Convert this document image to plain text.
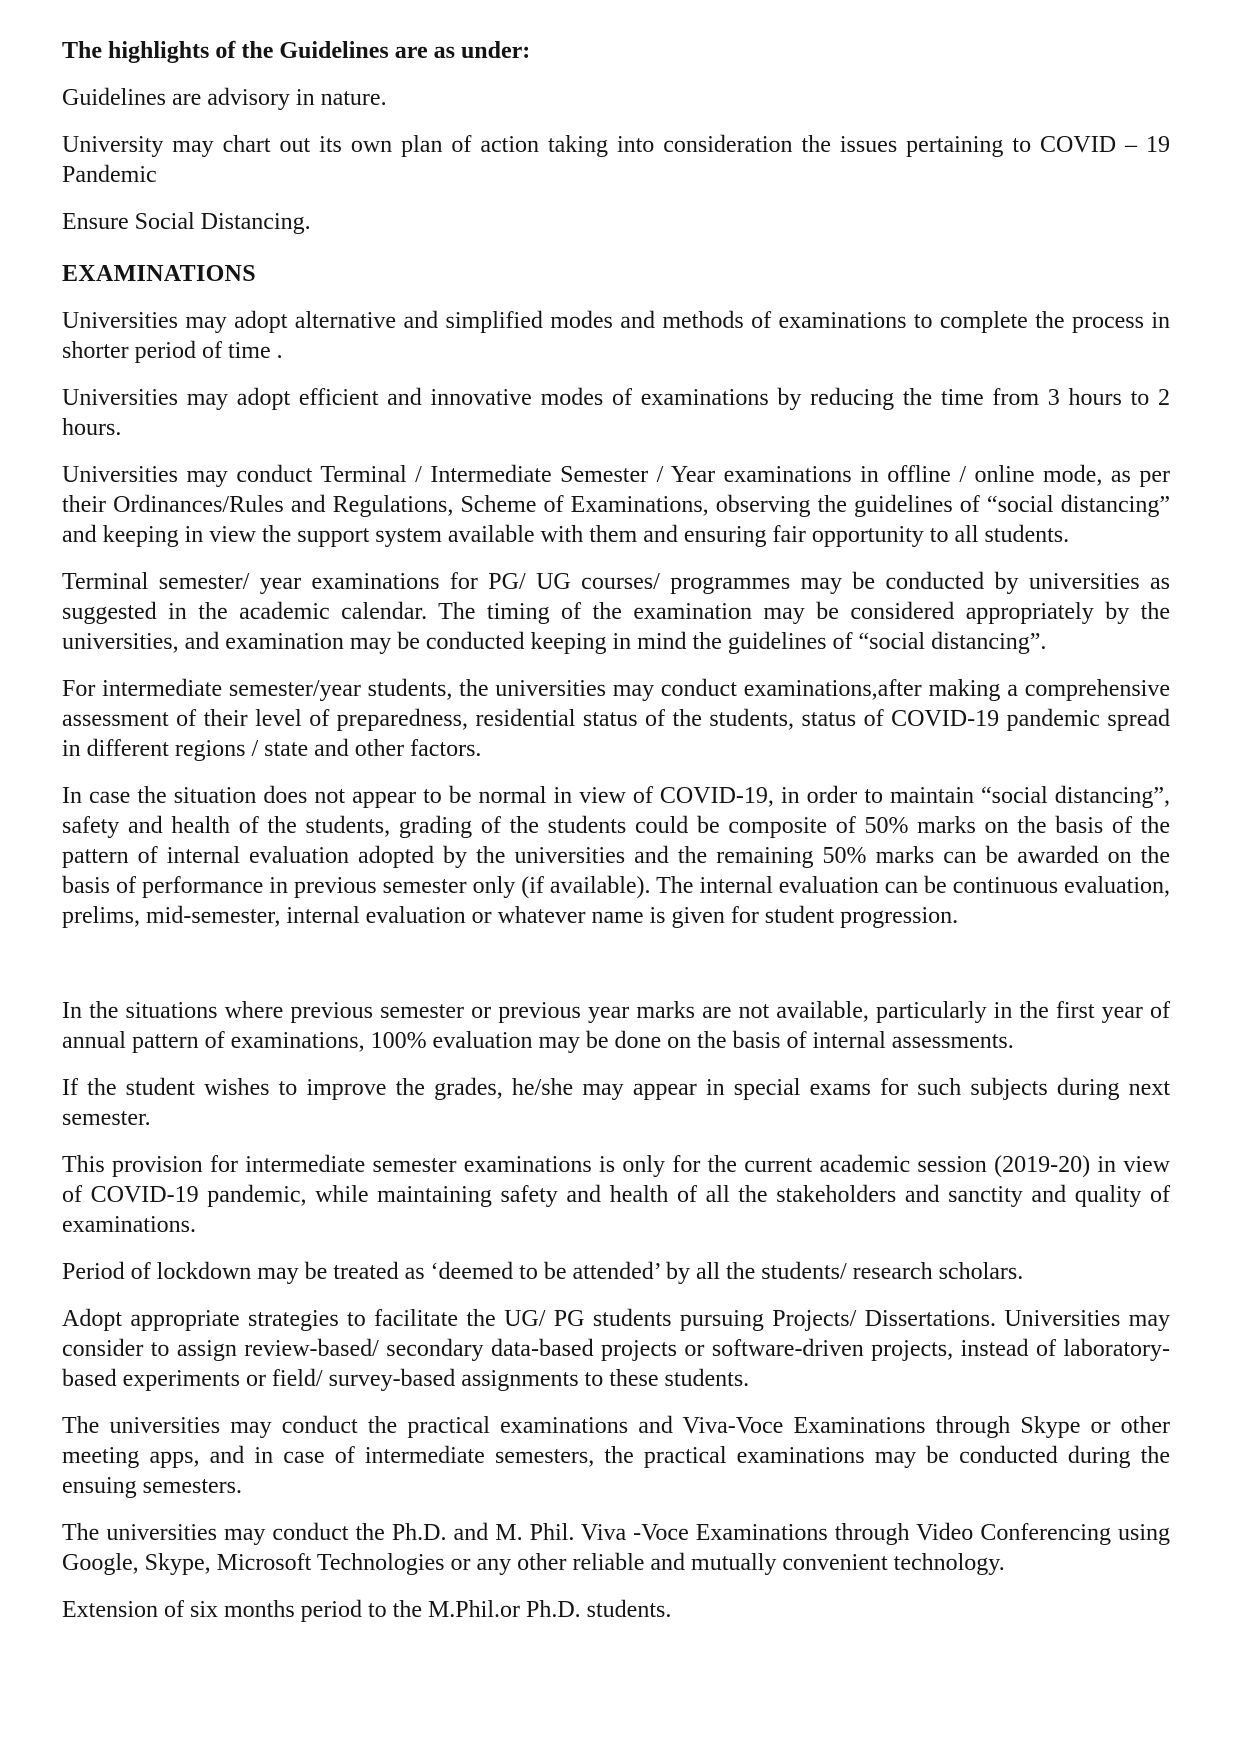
The highlights of the Guidelines are as under:

Guidelines are advisory in nature.

University may chart out its own plan of action taking into consideration the issues pertaining to COVID – 19 Pandemic

Ensure Social Distancing.

EXAMINATIONS

Universities may adopt alternative and simplified modes and methods of examinations to complete the process in shorter period of time .

Universities may adopt efficient and innovative modes of examinations by reducing the time from 3 hours to 2 hours.

Universities may conduct Terminal / Intermediate Semester / Year examinations in offline / online mode, as per their Ordinances/Rules and Regulations, Scheme of Examinations, observing the guidelines of “social distancing” and keeping in view the support system available with them and ensuring fair opportunity to all students.

Terminal semester/ year examinations for PG/ UG courses/ programmes may be conducted by universities as suggested in the academic calendar. The timing of the examination may be considered appropriately by the universities, and examination may be conducted keeping in mind the guidelines of “social distancing”.

For intermediate semester/year students, the universities may conduct examinations,after making a comprehensive assessment of their level of preparedness, residential status of the students, status of COVID-19 pandemic spread in different regions / state and other factors.

In case the situation does not appear to be normal in view of COVID-19, in order to maintain “social distancing”, safety and health of the students, grading of the students could be composite of 50% marks on the basis of the pattern of internal evaluation adopted by the universities and the remaining 50% marks can be awarded on the basis of performance in previous semester only (if available). The internal evaluation can be continuous evaluation, prelims, mid-semester, internal evaluation or whatever name is given for student progression.

In the situations where previous semester or previous year marks are not available, particularly in the first year of annual pattern of examinations, 100% evaluation may be done on the basis of internal assessments.

If the student wishes to improve the grades, he/she may appear in special exams for such subjects during next semester.

This provision for intermediate semester examinations is only for the current academic session (2019-20) in view of COVID-19 pandemic, while maintaining safety and health of all the stakeholders and sanctity and quality of examinations.

Period of lockdown may be treated as ‘deemed to be attended’ by all the students/ research scholars.

Adopt appropriate strategies to facilitate the UG/ PG students pursuing Projects/ Dissertations. Universities may consider to assign review-based/ secondary data-based projects or software-driven projects, instead of laboratory-based experiments or field/ survey-based assignments to these students.

The universities may conduct the practical examinations and Viva-Voce Examinations through Skype or other meeting apps, and in case of intermediate semesters, the practical examinations may be conducted during the ensuing semesters.

The universities may conduct the Ph.D. and M. Phil. Viva -Voce Examinations through Video Conferencing using Google, Skype, Microsoft Technologies or any other reliable and mutually convenient technology.

Extension of six months period to the M.Phil.or Ph.D. students.
